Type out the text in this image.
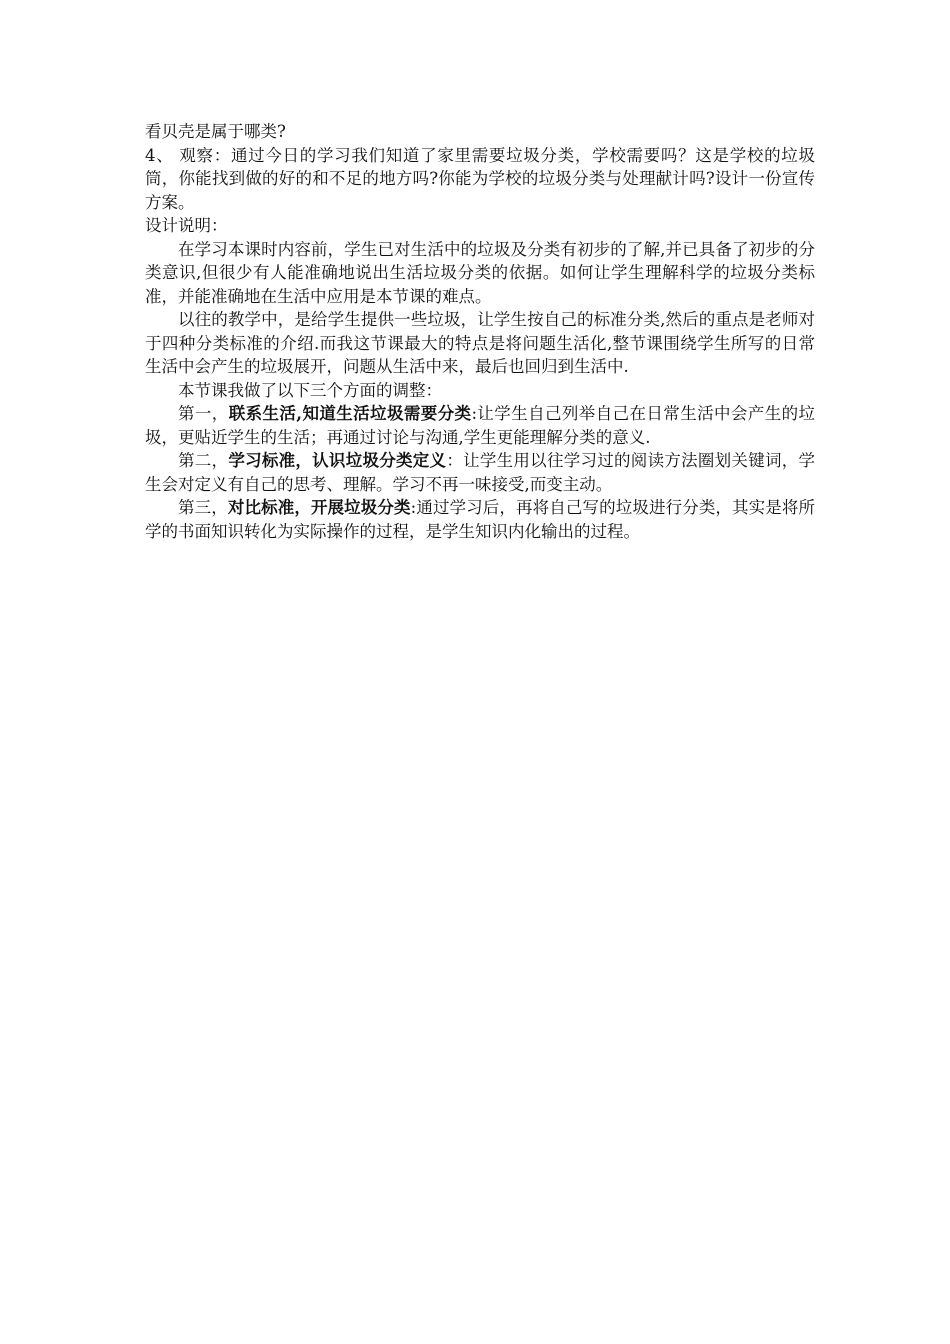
看贝壳是属于哪类?

4、 观察：通过今日的学习我们知道了家里需要垃圾分类，学校需要吗？这是学校的垃圾筒，你能找到做的好的和不足的地方吗?你能为学校的垃圾分类与处理献计吗?设计一份宣传方案。

设计说明：

在学习本课时内容前，学生已对生活中的垃圾及分类有初步的了解,并已具备了初步的分类意识,但很少有人能准确地说出生活垃圾分类的依据。如何让学生理解科学的垃圾分类标准，并能准确地在生活中应用是本节课的难点。

以往的教学中，是给学生提供一些垃圾，让学生按自己的标准分类,然后的重点是老师对于四种分类标准的介绍.而我这节课最大的特点是将问题生活化,整节课围绕学生所写的日常生活中会产生的垃圾展开，问题从生活中来，最后也回归到生活中.

本节课我做了以下三个方面的调整：

第一，联系生活,知道生活垃圾需要分类:让学生自己列举自己在日常生活中会产生的垃圾，更贴近学生的生活；再通过讨论与沟通,学生更能理解分类的意义.

第二，学习标准，认识垃圾分类定义：让学生用以往学习过的阅读方法圈划关键词，学生会对定义有自己的思考、理解。学习不再一味接受,而变主动。

第三，对比标准，开展垃圾分类:通过学习后，再将自己写的垃圾进行分类，其实是将所学的书面知识转化为实际操作的过程，是学生知识内化输出的过程。
